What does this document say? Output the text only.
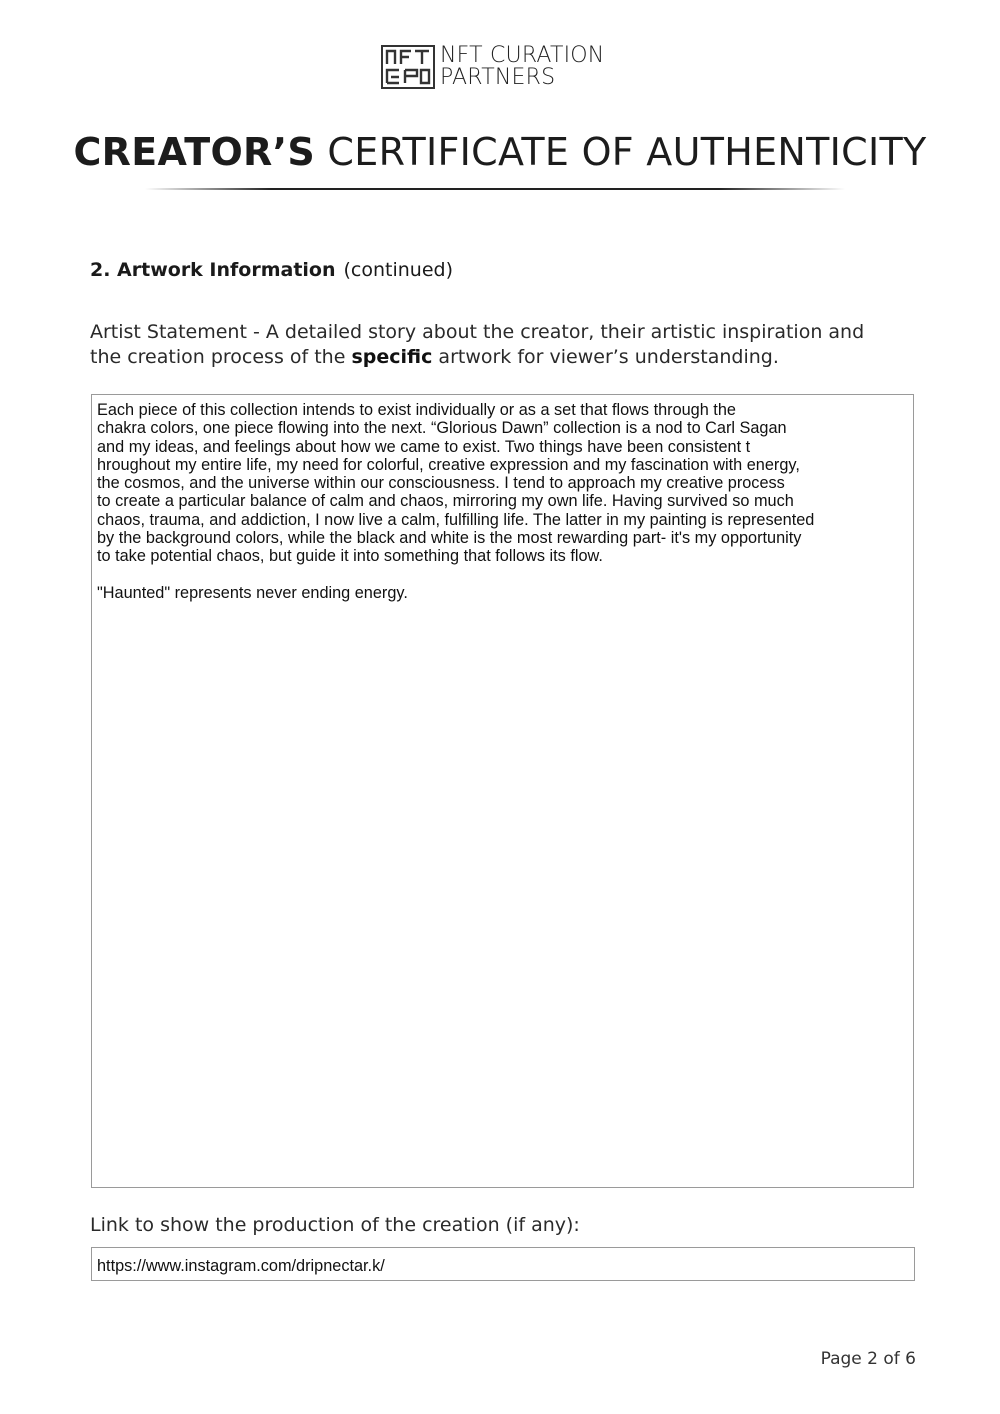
NFT CURATION
PARTNERS
CREATOR’S CERTIFICATE OF AUTHENTICITY
2. Artwork Information (continued)
Artist Statement - A detailed story about the creator, their artistic inspiration and the creation process of the specific artwork for viewer’s understanding.
Each piece of this collection intends to exist individually or as a set that flows through the
chakra colors, one piece flowing into the next. “Glorious Dawn” collection is a nod to Carl Sagan
and my ideas, and feelings about how we came to exist. Two things have been consistent t
hroughout my entire life, my need for colorful, creative expression and my fascination with energy,
the cosmos, and the universe within our consciousness. I tend to approach my creative process
to create a particular balance of calm and chaos, mirroring my own life. Having survived so much
chaos, trauma, and addiction, I now live a calm, fulfilling life. The latter in my painting is represented
by the background colors, while the black and white is the most rewarding part- it's my opportunity
to take potential chaos, but guide it into something that follows its flow.
"Haunted" represents never ending energy.
Link to show the production of the creation (if any):
https://www.instagram.com/dripnectar.k/
Page 2 of 6
